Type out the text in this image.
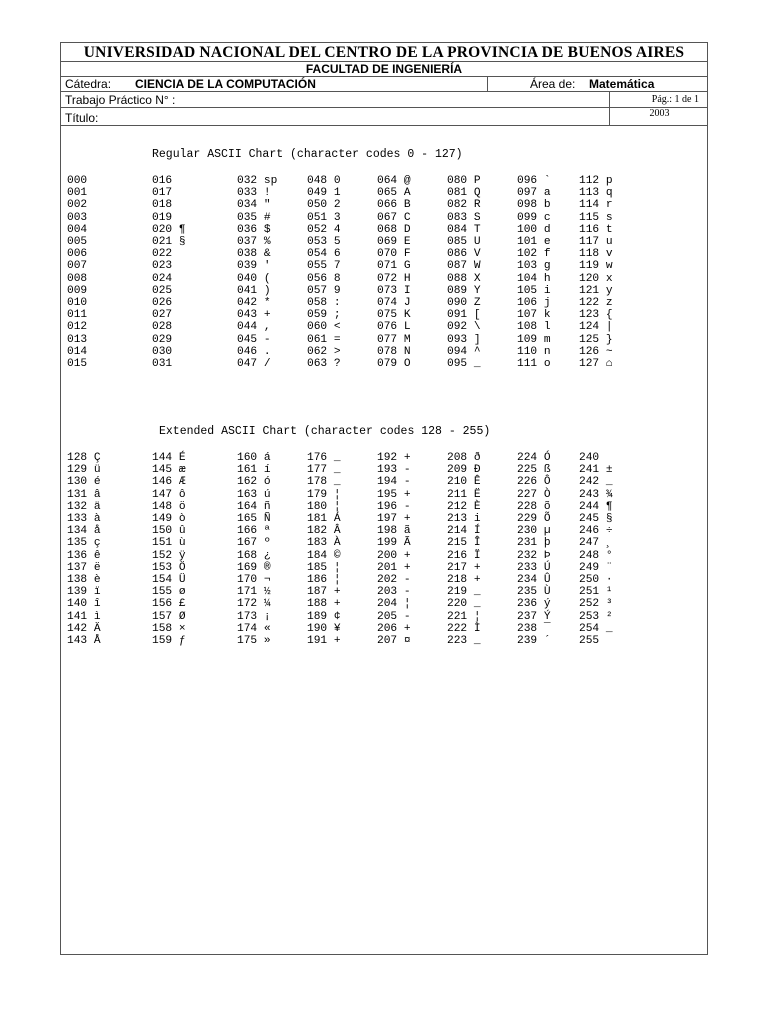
UNIVERSIDAD NACIONAL DEL CENTRO DE LA PROVINCIA DE BUENOS AIRES
FACULTAD DE INGENIERÍA
Cátedra: CIENCIA DE LA COMPUTACIÓN	Área de: Matemática
Trabajo Práctico N° :	Pág.: 1 de 1
Título:	2003
Regular ASCII Chart (character codes 0 - 127)
000	016	032 sp	048 0	064 @	080 P	096 `	112 p
001	017	033 !	049 1	065 A	081 Q	097 a	113 q
002	018	034 "	050 2	066 B	082 R	098 b	114 r
003	019	035 #	051 3	067 C	083 S	099 c	115 s
004	020 ¶	036 $	052 4	068 D	084 T	100 d	116 t
005	021 §	037 %	053 5	069 E	085 U	101 e	117 u
006	022	038 &	054 6	070 F	086 V	102 f	118 v
007	023	039 '	055 7	071 G	087 W	103 g	119 w
008	024	040 (	056 8	072 H	088 X	104 h	120 x
009	025	041 )	057 9	073 I	089 Y	105 i	121 y
010	026	042 *	058 :	074 J	090 Z	106 j	122 z
011	027	043 +	059 ;	075 K	091 [	107 k	123 {
012	028	044 ,	060 <	076 L	092 \	108 l	124 |
013	029	045 -	061 =	077 M	093 ]	109 m	125 }
014	030	046 .	062 >	078 N	094 ^	110 n	126 ~
015	031	047 /	063 ?	079 O	095 _	111 o	127 ⌂
Extended ASCII Chart (character codes 128 - 255)
128 Ç	144 É	160 á	176 _	192 +	208 ð	224 Ó	240
129 ü	145 æ	161 í	177 _	193 -	209 Ð	225 ß	241 ±
130 é	146 Æ	162 ó	178 _	194 -	210 Ê	226 Ô	242 _
131 â	147 ô	163 ú	179 ¦	195 +	211 Ë	227 Ò	243 ¾
132 ä	148 ö	164 ñ	180 ¦	196 -	212 È	228 õ	244 ¶
133 à	149 ò	165 Ñ	181 Á	197 +	213 i	229 Õ	245 §
134 å	150 û	166 ª	182 Â	198 ã	214 Í	230 µ	246 ÷
135 ç	151 ù	167 º	183 À	199 Ã	215 Î	231 þ	247 ¸
136 ê	152 ÿ	168 ¿	184 ©	200 +	216 Ï	232 Þ	248 °
137 ë	153 Ö	169 ®	185 ¦	201 +	217 +	233 Ú	249 ¨
138 è	154 Ü	170 ¬	186 ¦	202 -	218 +	234 Û	250 ·
139 ï	155 ø	171 ½	187 +	203 -	219 _	235 Ù	251 ¹
140 î	156 £	172 ¼	188 +	204 ¦	220 _	236 ý	252 ³
141 ì	157 Ø	173 ¡	189 ¢	205 -	221 ¦	237 Ý	253 ²
142 Ä	158 ×	174 «	190 ¥	206 +	222 Ì	238 ¯	254 _
143 Å	159 ƒ	175 »	191 +	207 ¤	223 _	239 ´	255
